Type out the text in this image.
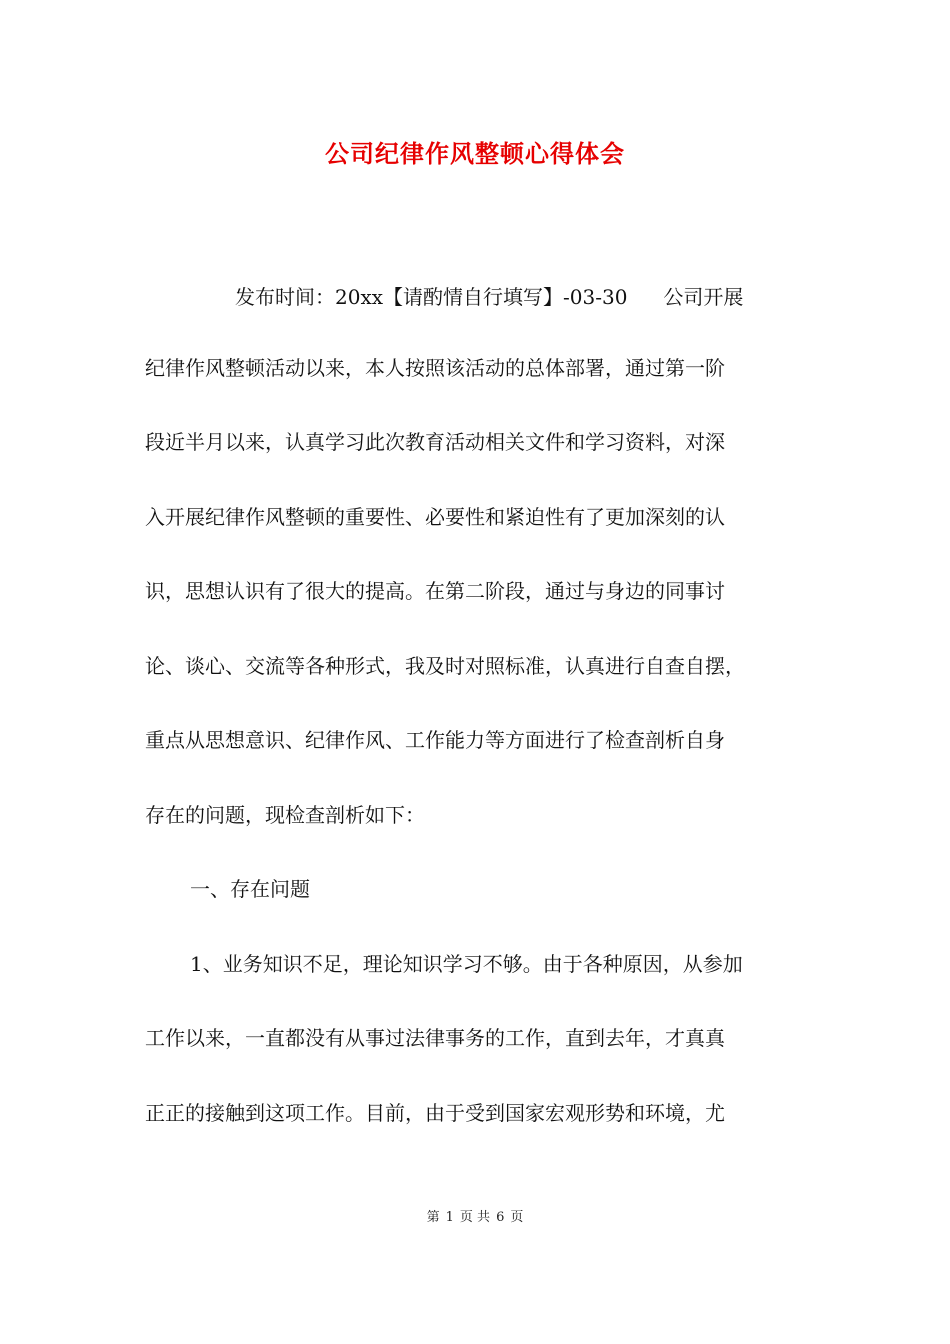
公司纪律作风整顿心得体会
发布时间：20xx【请酌情自行填写】-03-30 公司开展
纪律作风整顿活动以来，本人按照该活动的总体部署，通过第一阶
段近半月以来，认真学习此次教育活动相关文件和学习资料，对深
入开展纪律作风整顿的重要性、必要性和紧迫性有了更加深刻的认
识，思想认识有了很大的提高。在第二阶段，通过与身边的同事讨
论、谈心、交流等各种形式，我及时对照标准，认真进行自查自摆，
重点从思想意识、纪律作风、工作能力等方面进行了检查剖析自身
存在的问题，现检查剖析如下：
一、存在问题
1、业务知识不足，理论知识学习不够。由于各种原因，从参加
工作以来，一直都没有从事过法律事务的工作，直到去年，才真真
正正的接触到这项工作。目前，由于受到国家宏观形势和环境，尤
第 1 页 共 6 页
